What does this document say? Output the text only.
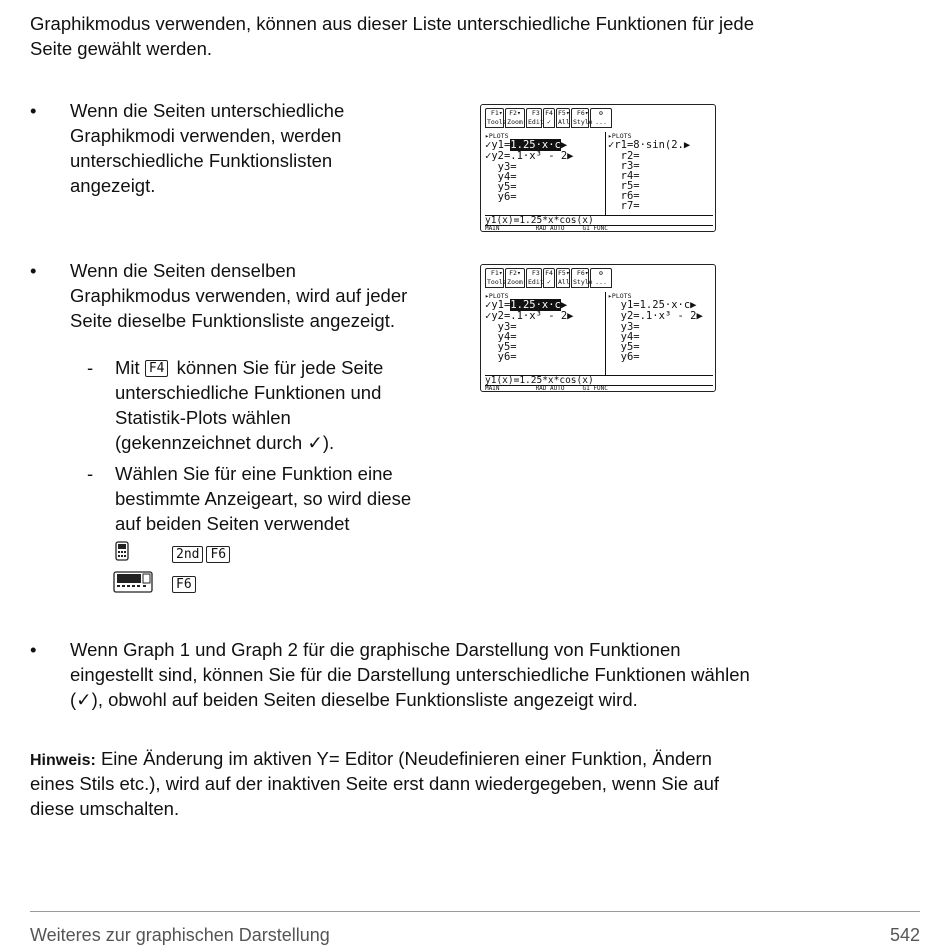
Graphikmodus verwenden, können aus dieser Liste unterschiedliche Funktionen für jede

Seite gewählt werden.

• Wenn die Seiten unterschiedliche

Graphikmodi verwenden, werden

unterschiedliche Funktionslisten

angezeigt.

F1▾ Tools
F2▾ Zoom
F3 Edit
F4 ✓
F5▾ All
F6▾ Style
⚙ ...
▸PLOTS
✓y1=1.25·x·c▶
✓y2=.1·x³ - 2▶
y3=
y4=
y5=
y6=
▸PLOTS
✓r1=8·sin(2.▶
r2=
r3=
r4=
r5=
r6=
r7=
y1(x)=1.25*x*cos(x)
MAIN          RAD AUTO     G1 FUNC
• Wenn die Seiten denselben

Graphikmodus verwenden, wird auf jeder

Seite dieselbe Funktionsliste angezeigt.

F1▾ Tools
F2▾ Zoom
F3 Edit
F4 ✓
F5▾ All
F6▾ Style
⚙ ...
▸PLOTS
✓y1=1.25·x·c▶
✓y2=.1·x³ - 2▶
y3=
y4=
y5=
y6=
▸PLOTS
y1=1.25·x·c▶
y2=.1·x³ - 2▶
y3=
y4=
y5=
y6=
y1(x)=1.25*x*cos(x)
MAIN          RAD AUTO     G1 FUNC
- Mit F4 können Sie für jede Seite

unterschiedliche Funktionen und

Statistik-Plots wählen

(gekennzeichnet durch ✓).

- Wählen Sie für eine Funktion eine

bestimmte Anzeigeart, so wird diese

auf beiden Seiten verwendet

2nd F6
F6
• Wenn Graph 1 und Graph 2 für die graphische Darstellung von Funktionen

eingestellt sind, können Sie für die Darstellung unterschiedliche Funktionen wählen

(✓), obwohl auf beiden Seiten dieselbe Funktionsliste angezeigt wird.

Hinweis: Eine Änderung im aktiven Y= Editor (Neudefinieren einer Funktion, Ändern

eines Stils etc.), wird auf der inaktiven Seite erst dann wiedergegeben, wenn Sie auf

diese umschalten.

Weiteres zur graphischen Darstellung	542
